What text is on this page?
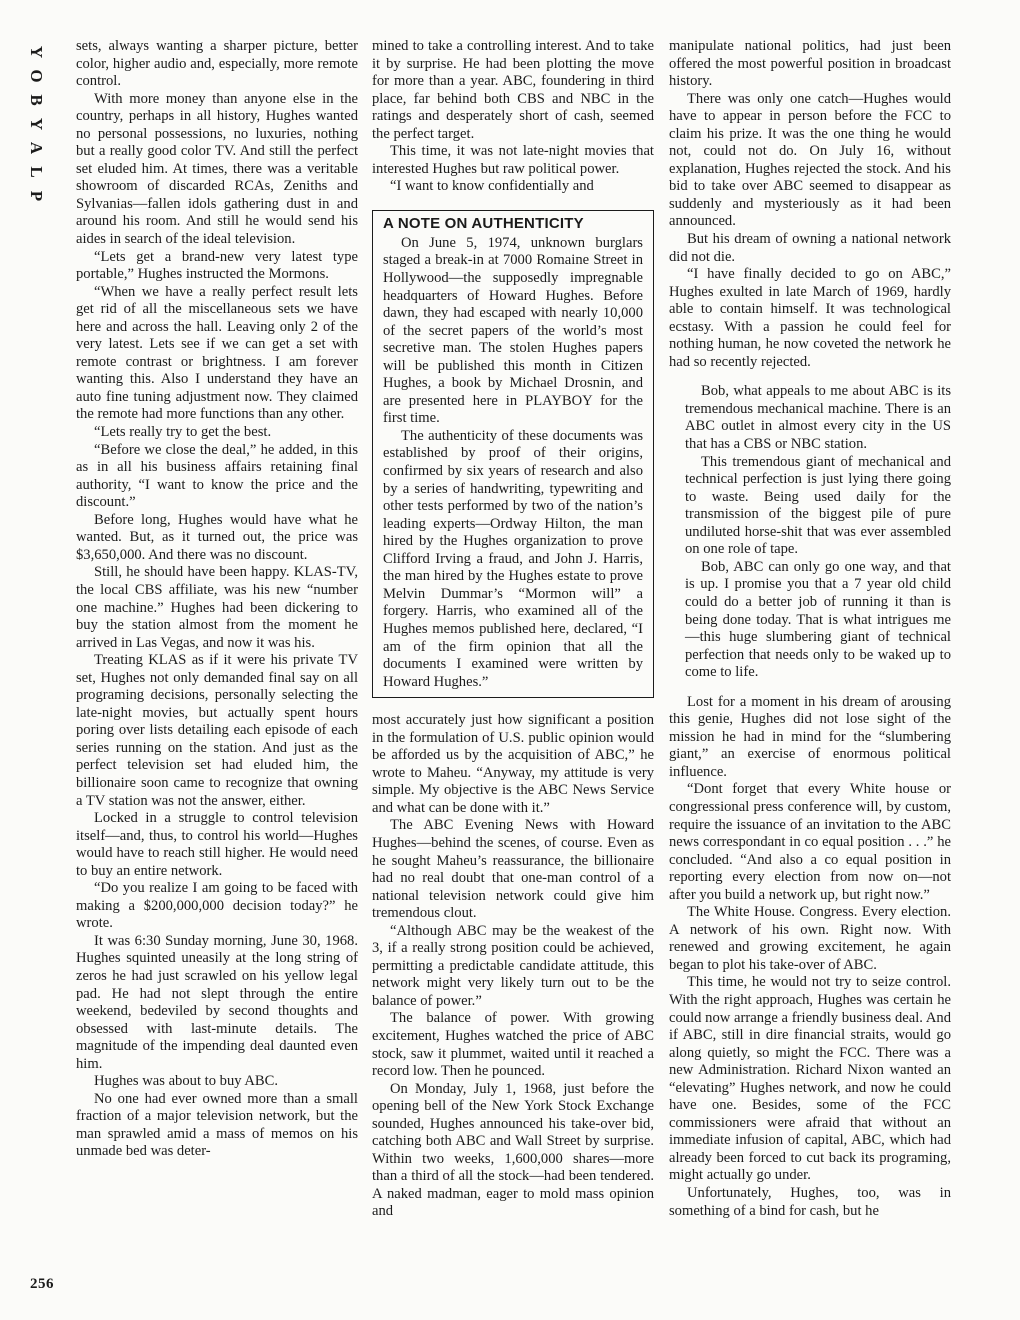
Y
O
B
Y
A
L
P
256

sets, always wanting a sharper picture, better color, higher audio and, especially, more remote control.

With more money than anyone else in the country, perhaps in all history, Hughes wanted no personal possessions, no luxuries, nothing but a really good color TV. And still the perfect set eluded him. At times, there was a veritable showroom of discarded RCAs, Zeniths and Sylvanias—fallen idols gathering dust in and around his room. And still he would send his aides in search of the ideal television.

“Lets get a brand-new very latest type portable,” Hughes instructed the Mormons.

“When we have a really perfect result lets get rid of all the miscellaneous sets we have here and across the hall. Leaving only 2 of the very latest. Lets see if we can get a set with remote contrast or brightness. I am forever wanting this. Also I understand they have an auto fine tuning adjustment now. They claimed the remote had more functions than any other.

“Lets really try to get the best.

“Before we close the deal,” he added, in this as in all his business affairs retaining final authority, “I want to know the price and the discount.”

Before long, Hughes would have what he wanted. But, as it turned out, the price was $3,650,000. And there was no discount.

Still, he should have been happy. KLAS-TV, the local CBS affiliate, was his new “number one machine.” Hughes had been dickering to buy the station almost from the moment he arrived in Las Vegas, and now it was his.

Treating KLAS as if it were his private TV set, Hughes not only demanded final say on all programing decisions, personally selecting the late-night movies, but actually spent hours poring over lists detailing each episode of each series running on the station. And just as the perfect television set had eluded him, the billionaire soon came to recognize that owning a TV station was not the answer, either.

Locked in a struggle to control television itself—and, thus, to control his world—Hughes would have to reach still higher. He would need to buy an entire network.

“Do you realize I am going to be faced with making a $200,000,000 decision today?” he wrote.

It was 6:30 Sunday morning, June 30, 1968. Hughes squinted uneasily at the long string of zeros he had just scrawled on his yellow legal pad. He had not slept through the entire weekend, bedeviled by second thoughts and obsessed with last-minute details. The magnitude of the impending deal daunted even him.

Hughes was about to buy ABC.

No one had ever owned more than a small fraction of a major television network, but the man sprawled amid a mass of memos on his unmade bed was deter-

mined to take a controlling interest. And to take it by surprise. He had been plotting the move for more than a year. ABC, foundering in third place, far behind both CBS and NBC in the ratings and desperately short of cash, seemed the perfect target.

This time, it was not late-night movies that interested Hughes but raw political power.

“I want to know confidentially and

A NOTE ON AUTHENTICITY

On June 5, 1974, unknown burglars staged a break-in at 7000 Romaine Street in Hollywood—the supposedly impregnable headquarters of Howard Hughes. Before dawn, they had escaped with nearly 10,000 of the secret papers of the world’s most secretive man. The stolen Hughes papers will be published this month in Citizen Hughes, a book by Michael Drosnin, and are presented here in PLAYBOY for the first time.

The authenticity of these documents was established by proof of their origins, confirmed by six years of research and also by a series of handwriting, typewriting and other tests performed by two of the nation’s leading experts—Ordway Hilton, the man hired by the Hughes organization to prove Clifford Irving a fraud, and John J. Harris, the man hired by the Hughes estate to prove Melvin Dummar’s “Mormon will” a forgery. Harris, who examined all of the Hughes memos published here, declared, “I am of the firm opinion that all the documents I examined were written by Howard Hughes.”

most accurately just how significant a position in the formulation of U.S. public opinion would be afforded us by the acquisition of ABC,” he wrote to Maheu. “Anyway, my attitude is very simple. My objective is the ABC News Service and what can be done with it.”

The ABC Evening News with Howard Hughes—behind the scenes, of course. Even as he sought Maheu’s reassurance, the billionaire had no real doubt that one-man control of a national television network could give him tremendous clout.

“Although ABC may be the weakest of the 3, if a really strong position could be achieved, permitting a predictable candidate attitude, this network might very likely turn out to be the balance of power.”

The balance of power. With growing excitement, Hughes watched the price of ABC stock, saw it plummet, waited until it reached a record low. Then he pounced.

On Monday, July 1, 1968, just before the opening bell of the New York Stock Exchange sounded, Hughes announced his take-over bid, catching both ABC and Wall Street by surprise. Within two weeks, 1,600,000 shares—more than a third of all the stock—had been tendered. A naked madman, eager to mold mass opinion and

manipulate national politics, had just been offered the most powerful position in broadcast history.

There was only one catch—Hughes would have to appear in person before the FCC to claim his prize. It was the one thing he would not, could not do. On July 16, without explanation, Hughes rejected the stock. And his bid to take over ABC seemed to disappear as suddenly and mysteriously as it had been announced.

But his dream of owning a national network did not die.

“I have finally decided to go on ABC,” Hughes exulted in late March of 1969, hardly able to contain himself. It was technological ecstasy. With a passion he could feel for nothing human, he now coveted the network he had so recently rejected.

Bob, what appeals to me about ABC is its tremendous mechanical machine. There is an ABC outlet in almost every city in the US that has a CBS or NBC station.

This tremendous giant of mechanical and technical perfection is just lying there going to waste. Being used daily for the transmission of the biggest pile of pure undiluted horse-shit that was ever assembled on one role of tape.

Bob, ABC can only go one way, and that is up. I promise you that a 7 year old child could do a better job of running it than is being done today. That is what intrigues me—this huge slumbering giant of technical perfection that needs only to be waked up to come to life.

Lost for a moment in his dream of arousing this genie, Hughes did not lose sight of the mission he had in mind for the “slumbering giant,” an exercise of enormous political influence.

“Dont forget that every White house or congressional press conference will, by custom, require the issuance of an invitation to the ABC news correspondant in co equal position . . .” he concluded. “And also a co equal position in reporting every election from now on—not after you build a network up, but right now.”

The White House. Congress. Every election. A network of his own. Right now. With renewed and growing excitement, he again began to plot his take-over of ABC.

This time, he would not try to seize control. With the right approach, Hughes was certain he could now arrange a friendly business deal. And if ABC, still in dire financial straits, would go along quietly, so might the FCC. There was a new Administration. Richard Nixon wanted an “elevating” Hughes network, and now he could have one. Besides, some of the FCC commissioners were afraid that without an immediate infusion of capital, ABC, which had already been forced to cut back its programing, might actually go under.

Unfortunately, Hughes, too, was in something of a bind for cash, but he
